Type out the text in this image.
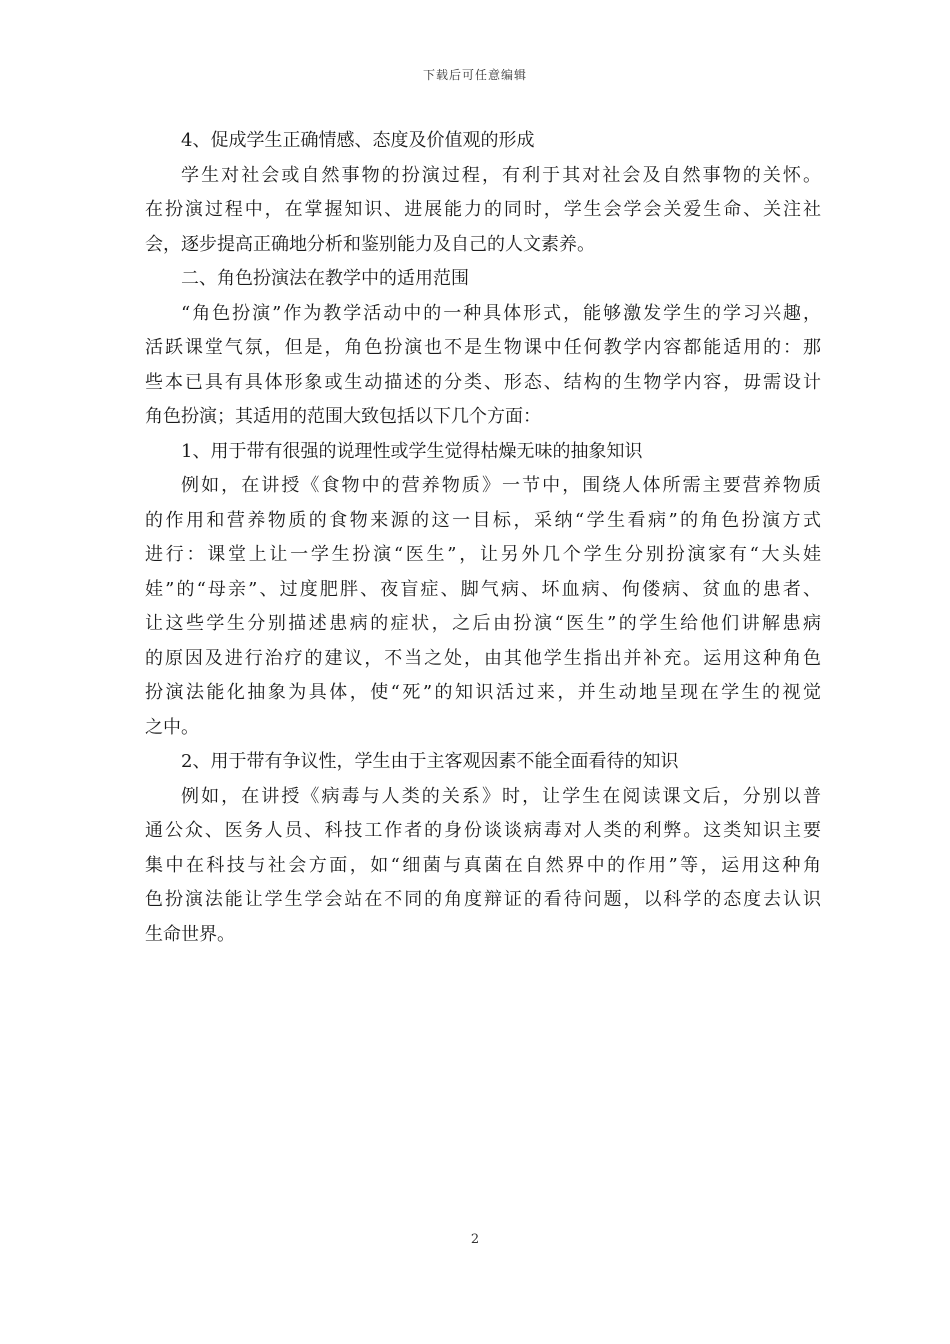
下载后可任意编辑
4、促成学生正确情感、态度及价值观的形成
学生对社会或自然事物的扮演过程，有利于其对社会及自然事物的关怀。
在扮演过程中，在掌握知识、进展能力的同时，学生会学会关爱生命、关注社
会，逐步提高正确地分析和鉴别能力及自己的人文素养。
二、角色扮演法在教学中的适用范围
“角色扮演”作为教学活动中的一种具体形式，能够激发学生的学习兴趣，
活跃课堂气氛，但是，角色扮演也不是生物课中任何教学内容都能适用的：那
些本已具有具体形象或生动描述的分类、形态、结构的生物学内容，毋需设计
角色扮演；其适用的范围大致包括以下几个方面：
1、用于带有很强的说理性或学生觉得枯燥无味的抽象知识
例如，在讲授《食物中的营养物质》一节中，围绕人体所需主要营养物质
的作用和营养物质的食物来源的这一目标，采纳“学生看病”的角色扮演方式
进行：课堂上让一学生扮演“医生”，让另外几个学生分别扮演家有“大头娃
娃”的“母亲”、过度肥胖、夜盲症、脚气病、坏血病、佝偻病、贫血的患者、
让这些学生分别描述患病的症状，之后由扮演“医生”的学生给他们讲解患病
的原因及进行治疗的建议，不当之处，由其他学生指出并补充。运用这种角色
扮演法能化抽象为具体，使“死”的知识活过来，并生动地呈现在学生的视觉
之中。
2、用于带有争议性，学生由于主客观因素不能全面看待的知识
例如，在讲授《病毒与人类的关系》时，让学生在阅读课文后，分别以普
通公众、医务人员、科技工作者的身份谈谈病毒对人类的利弊。这类知识主要
集中在科技与社会方面，如“细菌与真菌在自然界中的作用”等，运用这种角
色扮演法能让学生学会站在不同的角度辩证的看待问题，以科学的态度去认识
生命世界。
2
